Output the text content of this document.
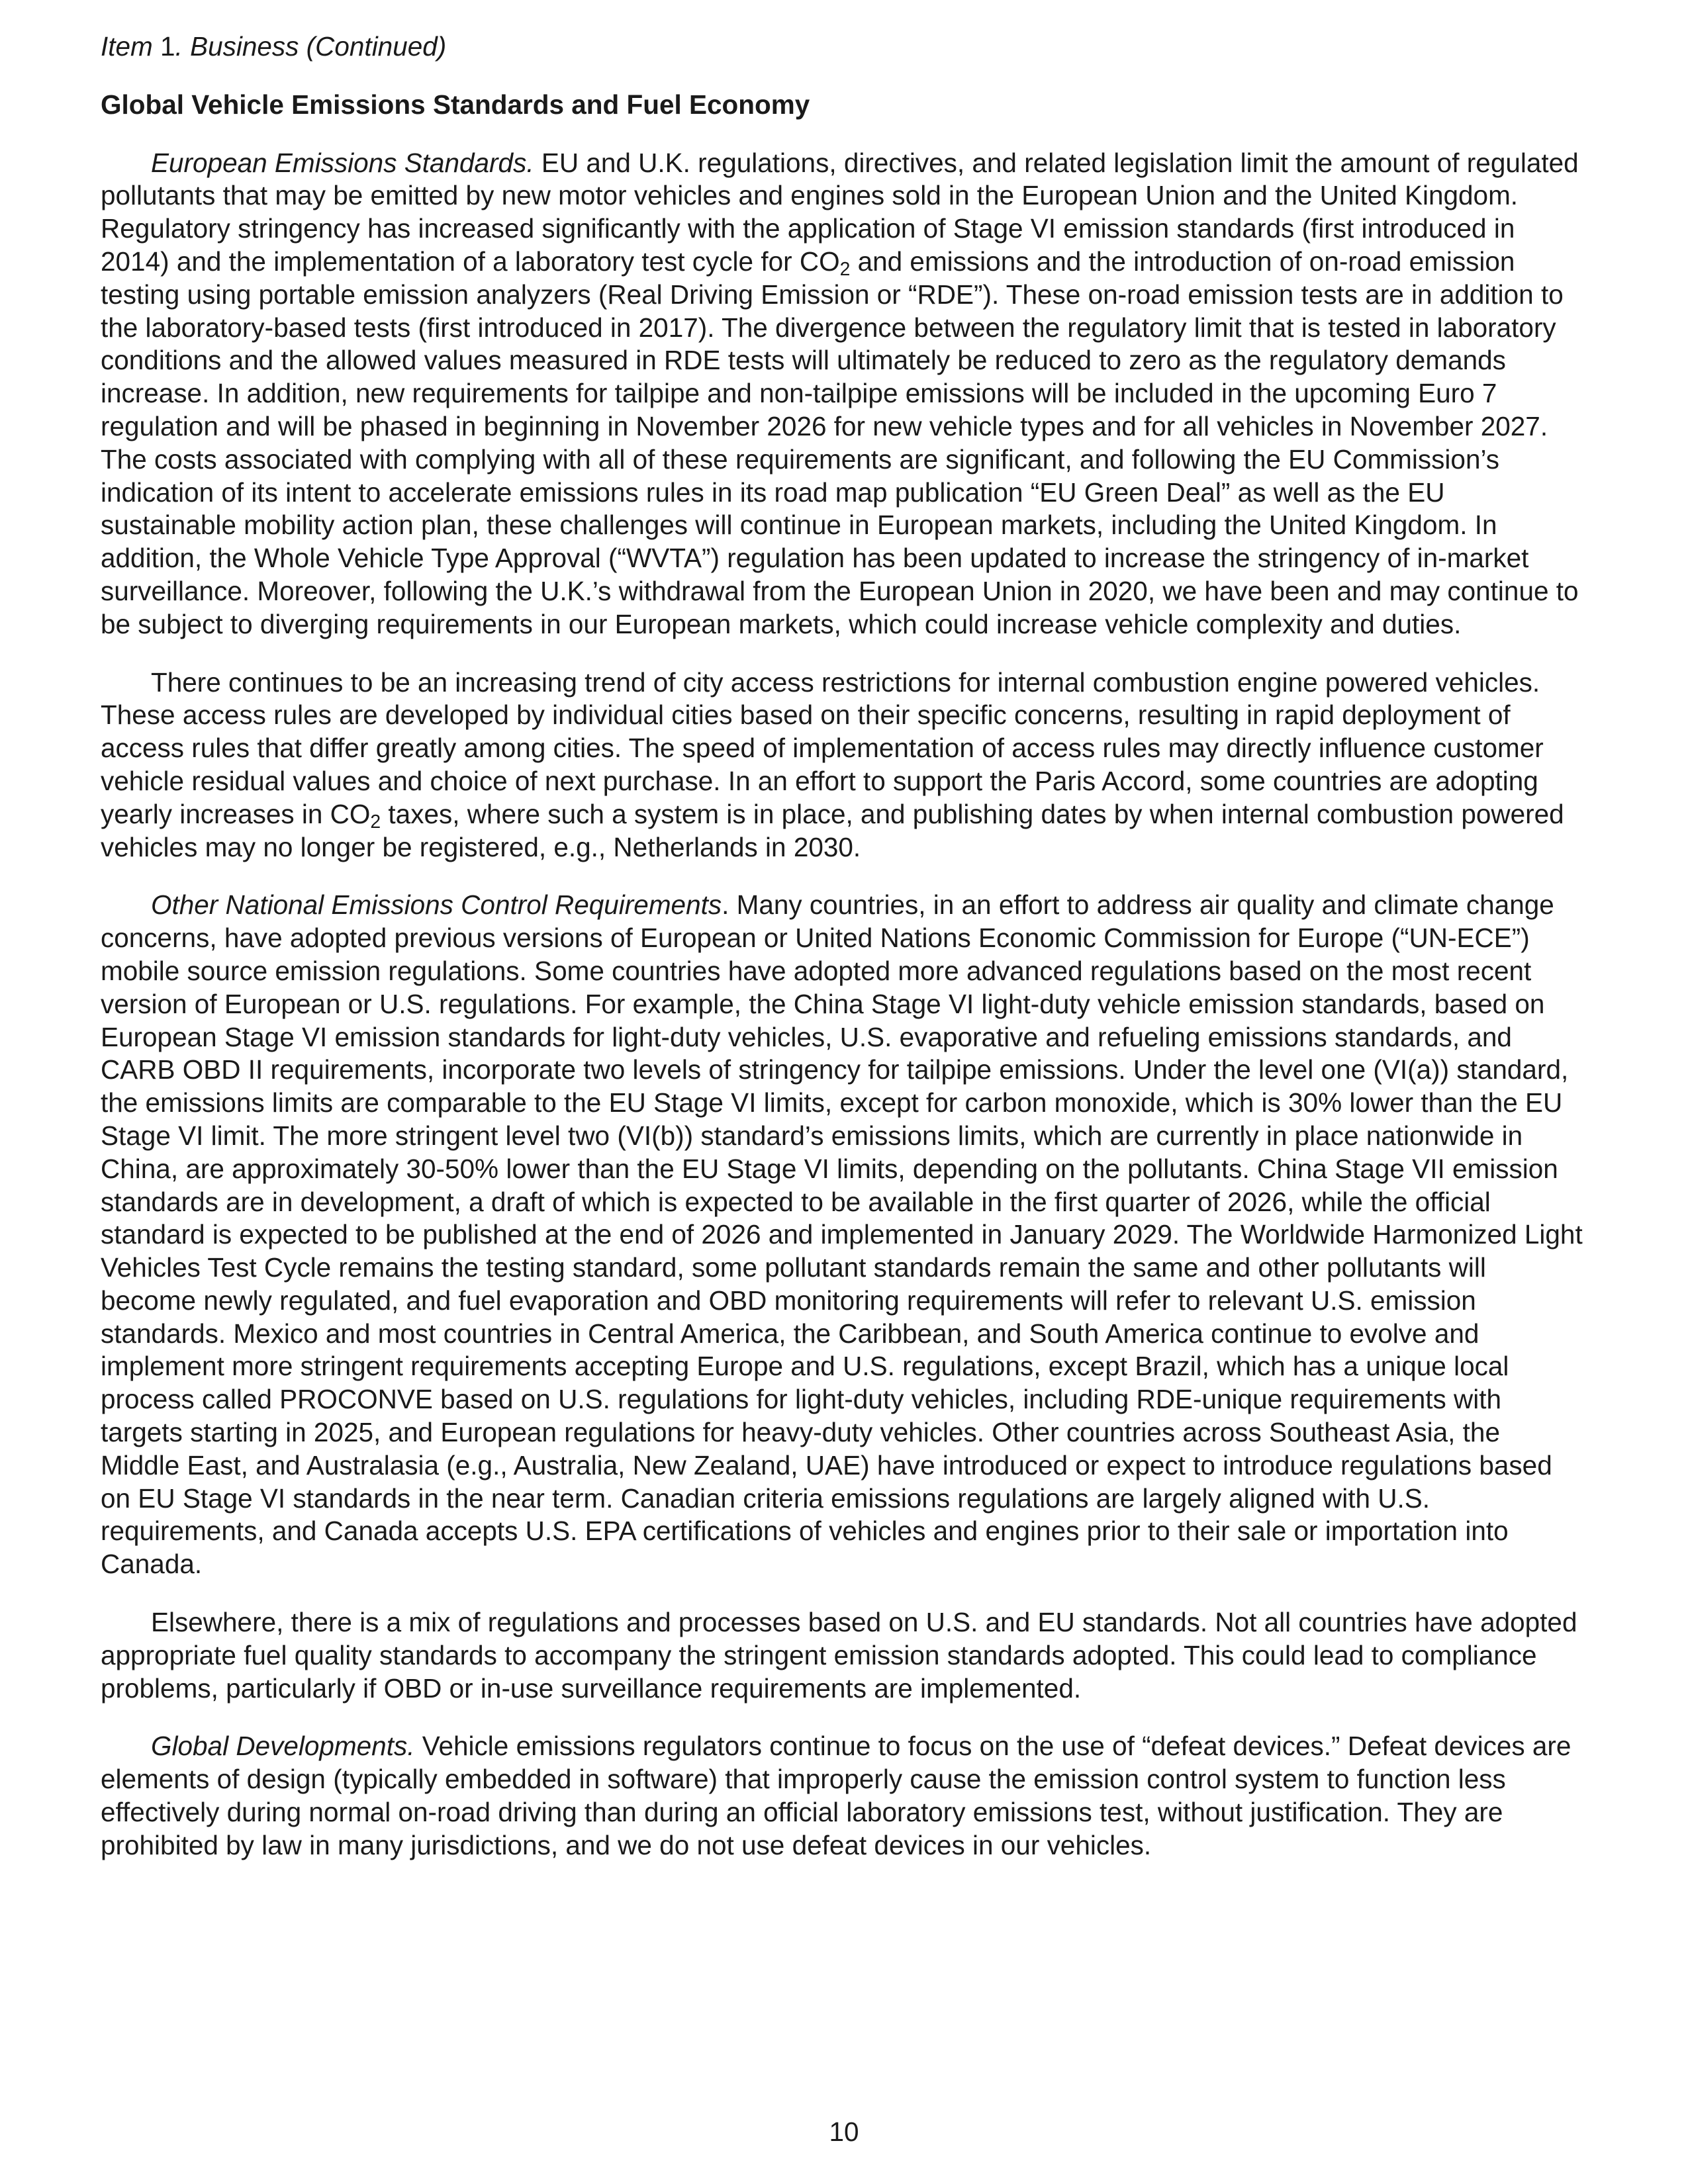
Item 1. Business (Continued)
Global Vehicle Emissions Standards and Fuel Economy

European Emissions Standards. EU and U.K. regulations, directives, and related legislation limit the amount of regulated pollutants that may be emitted by new motor vehicles and engines sold in the European Union and the United Kingdom. Regulatory stringency has increased significantly with the application of Stage VI emission standards (first introduced in 2014) and the implementation of a laboratory test cycle for $CO_2$ and emissions and the introduction of on-road emission testing using portable emission analyzers (Real Driving Emission or “RDE”). These on-road emission tests are in addition to the laboratory-based tests (first introduced in 2017). The divergence between the regulatory limit that is tested in laboratory conditions and the allowed values measured in RDE tests will ultimately be reduced to zero as the regulatory demands increase. In addition, new requirements for tailpipe and non-tailpipe emissions will be included in the upcoming Euro 7 regulation and will be phased in beginning in November 2026 for new vehicle types and for all vehicles in November 2027. The costs associated with complying with all of these requirements are significant, and following the EU Commission’s indication of its intent to accelerate emissions rules in its road map publication “EU Green Deal” as well as the EU sustainable mobility action plan, these challenges will continue in European markets, including the United Kingdom. In addition, the Whole Vehicle Type Approval (“WVTA”) regulation has been updated to increase the stringency of in-market surveillance. Moreover, following the U.K.’s withdrawal from the European Union in 2020, we have been and may continue to be subject to diverging requirements in our European markets, which could increase vehicle complexity and duties.

There continues to be an increasing trend of city access restrictions for internal combustion engine powered vehicles. These access rules are developed by individual cities based on their specific concerns, resulting in rapid deployment of access rules that differ greatly among cities. The speed of implementation of access rules may directly influence customer vehicle residual values and choice of next purchase. In an effort to support the Paris Accord, some countries are adopting yearly increases in $CO_2$ taxes, where such a system is in place, and publishing dates by when internal combustion powered vehicles may no longer be registered, e.g., Netherlands in 2030.

Other National Emissions Control Requirements. Many countries, in an effort to address air quality and climate change concerns, have adopted previous versions of European or United Nations Economic Commission for Europe (“UN-ECE”) mobile source emission regulations. Some countries have adopted more advanced regulations based on the most recent version of European or U.S. regulations. For example, the China Stage VI light-duty vehicle emission standards, based on European Stage VI emission standards for light-duty vehicles, U.S. evaporative and refueling emissions standards, and CARB OBD II requirements, incorporate two levels of stringency for tailpipe emissions. Under the level one (VI(a)) standard, the emissions limits are comparable to the EU Stage VI limits, except for carbon monoxide, which is 30% lower than the EU Stage VI limit. The more stringent level two (VI(b)) standard’s emissions limits, which are currently in place nationwide in China, are approximately 30-50% lower than the EU Stage VI limits, depending on the pollutants. China Stage VII emission standards are in development, a draft of which is expected to be available in the first quarter of 2026, while the official standard is expected to be published at the end of 2026 and implemented in January 2029. The Worldwide Harmonized Light Vehicles Test Cycle remains the testing standard, some pollutant standards remain the same and other pollutants will become newly regulated, and fuel evaporation and OBD monitoring requirements will refer to relevant U.S. emission standards. Mexico and most countries in Central America, the Caribbean, and South America continue to evolve and implement more stringent requirements accepting Europe and U.S. regulations, except Brazil, which has a unique local process called PROCONVE based on U.S. regulations for light-duty vehicles, including RDE-unique requirements with targets starting in 2025, and European regulations for heavy-duty vehicles. Other countries across Southeast Asia, the Middle East, and Australasia (e.g., Australia, New Zealand, UAE) have introduced or expect to introduce regulations based on EU Stage VI standards in the near term. Canadian criteria emissions regulations are largely aligned with U.S. requirements, and Canada accepts U.S. EPA certifications of vehicles and engines prior to their sale or importation into Canada.

Elsewhere, there is a mix of regulations and processes based on U.S. and EU standards. Not all countries have adopted appropriate fuel quality standards to accompany the stringent emission standards adopted. This could lead to compliance problems, particularly if OBD or in-use surveillance requirements are implemented.

Global Developments. Vehicle emissions regulators continue to focus on the use of “defeat devices.” Defeat devices are elements of design (typically embedded in software) that improperly cause the emission control system to function less effectively during normal on-road driving than during an official laboratory emissions test, without justification. They are prohibited by law in many jurisdictions, and we do not use defeat devices in our vehicles.

10
